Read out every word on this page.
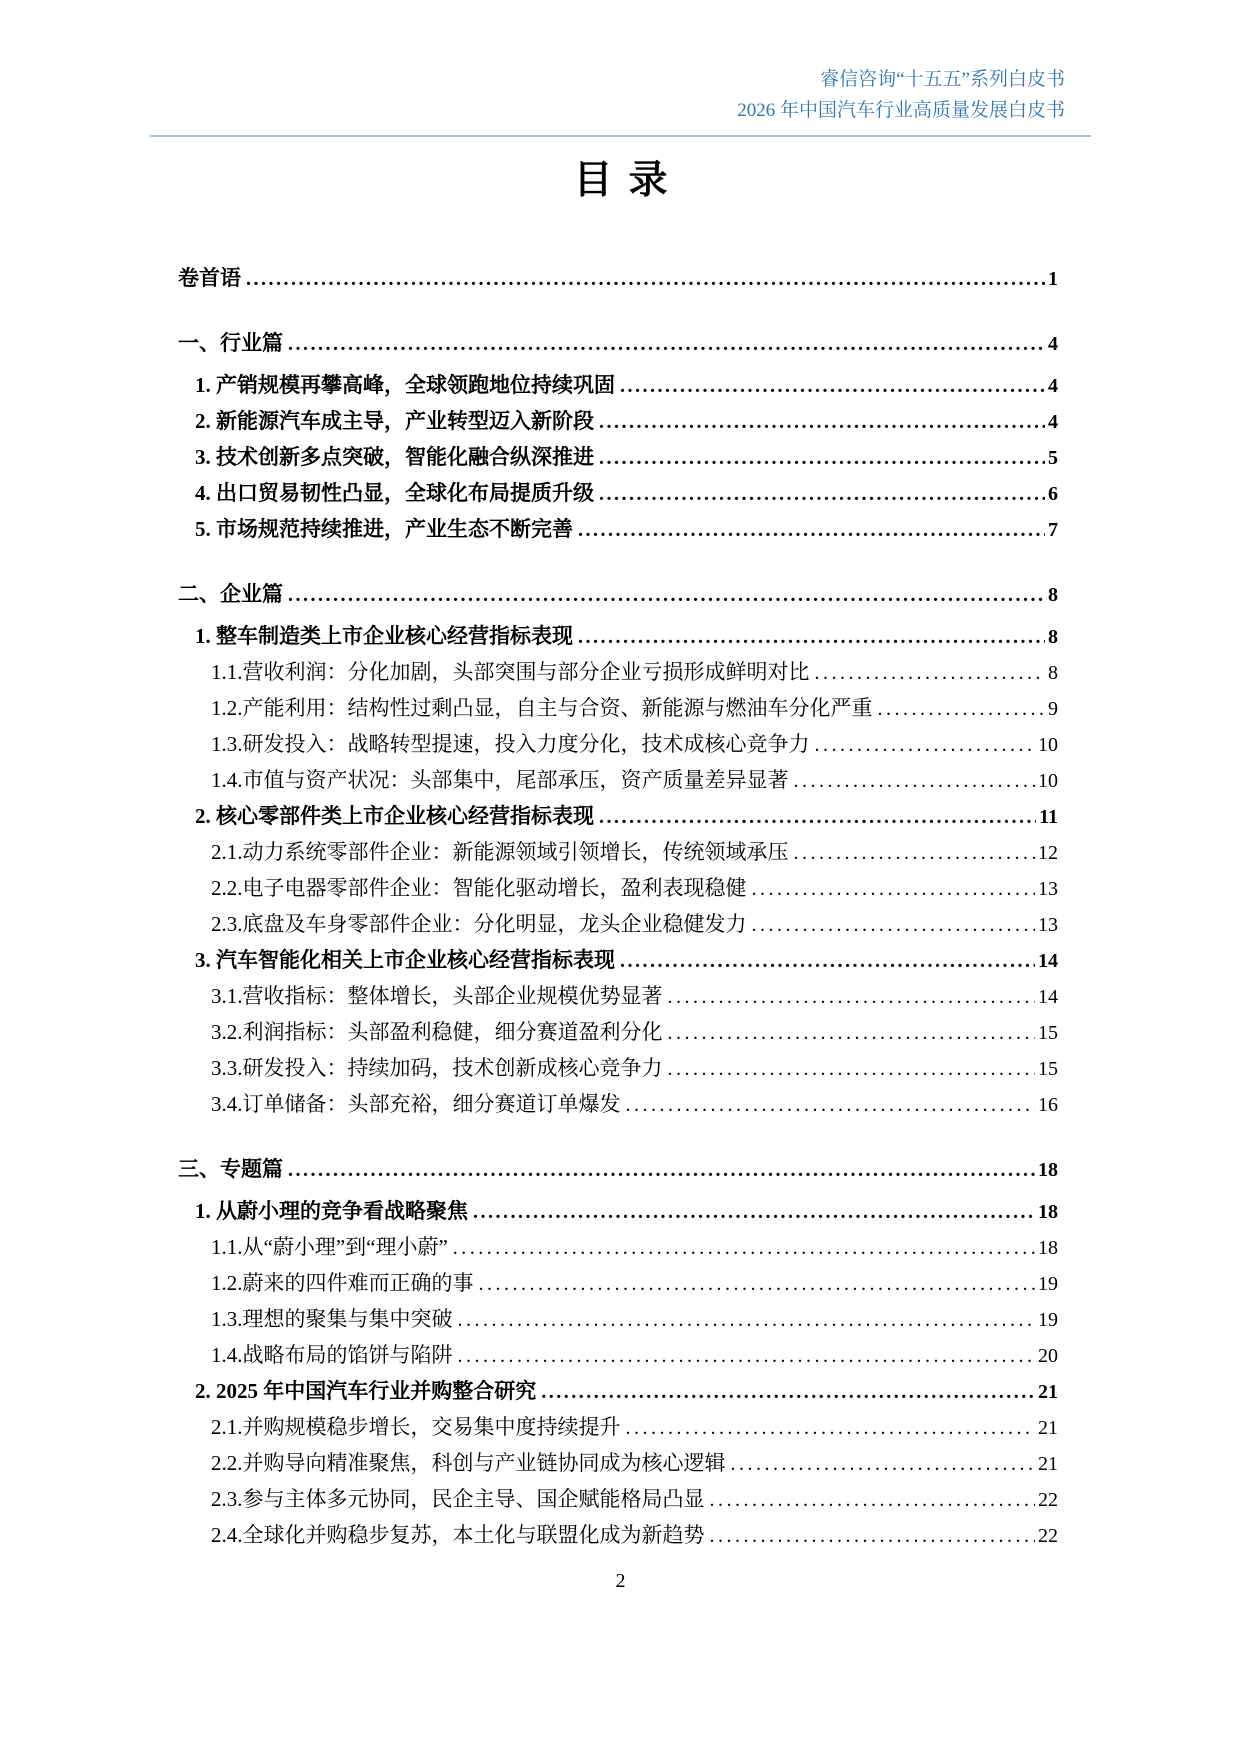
睿信咨询“十五五”系列白皮书
2026 年中国汽车行业高质量发展白皮书
目录
卷首语 .....	1
一、行业篇 .....	4
1. 产销规模再攀高峰，全球领跑地位持续巩固 .....	4
2. 新能源汽车成主导，产业转型迈入新阶段 .....	4
3. 技术创新多点突破，智能化融合纵深推进 .....	5
4. 出口贸易韧性凸显，全球化布局提质升级 .....	6
5. 市场规范持续推进，产业生态不断完善 .....	7
二、企业篇 .....	8
1. 整车制造类上市企业核心经营指标表现 .....	8
1.1.营收利润：分化加剧，头部突围与部分企业亏损形成鲜明对比 .....	8
1.2.产能利用：结构性过剩凸显，自主与合资、新能源与燃油车分化严重 .....	9
1.3.研发投入：战略转型提速，投入力度分化，技术成核心竞争力 .....	10
1.4.市值与资产状况：头部集中，尾部承压，资产质量差异显著 .....	10
2. 核心零部件类上市企业核心经营指标表现 .....	11
2.1.动力系统零部件企业：新能源领域引领增长，传统领域承压 .....	12
2.2.电子电器零部件企业：智能化驱动增长，盈利表现稳健 .....	13
2.3.底盘及车身零部件企业：分化明显，龙头企业稳健发力 .....	13
3. 汽车智能化相关上市企业核心经营指标表现 .....	14
3.1.营收指标：整体增长，头部企业规模优势显著 .....	14
3.2.利润指标：头部盈利稳健，细分赛道盈利分化 .....	15
3.3.研发投入：持续加码，技术创新成核心竞争力 .....	15
3.4.订单储备：头部充裕，细分赛道订单爆发 .....	16
三、专题篇 .....	18
1. 从蔚小理的竞争看战略聚焦 .....	18
1.1.从“蔚小理”到“理小蔚” .....	18
1.2.蔚来的四件难而正确的事 .....	19
1.3.理想的聚集与集中突破 .....	19
1.4.战略布局的馅饼与陷阱 .....	20
2. 2025 年中国汽车行业并购整合研究 .....	21
2.1.并购规模稳步增长，交易集中度持续提升 .....	21
2.2.并购导向精准聚焦，科创与产业链协同成为核心逻辑 .....	21
2.3.参与主体多元协同，民企主导、国企赋能格局凸显 .....	22
2.4.全球化并购稳步复苏，本土化与联盟化成为新趋势 .....	22
2
